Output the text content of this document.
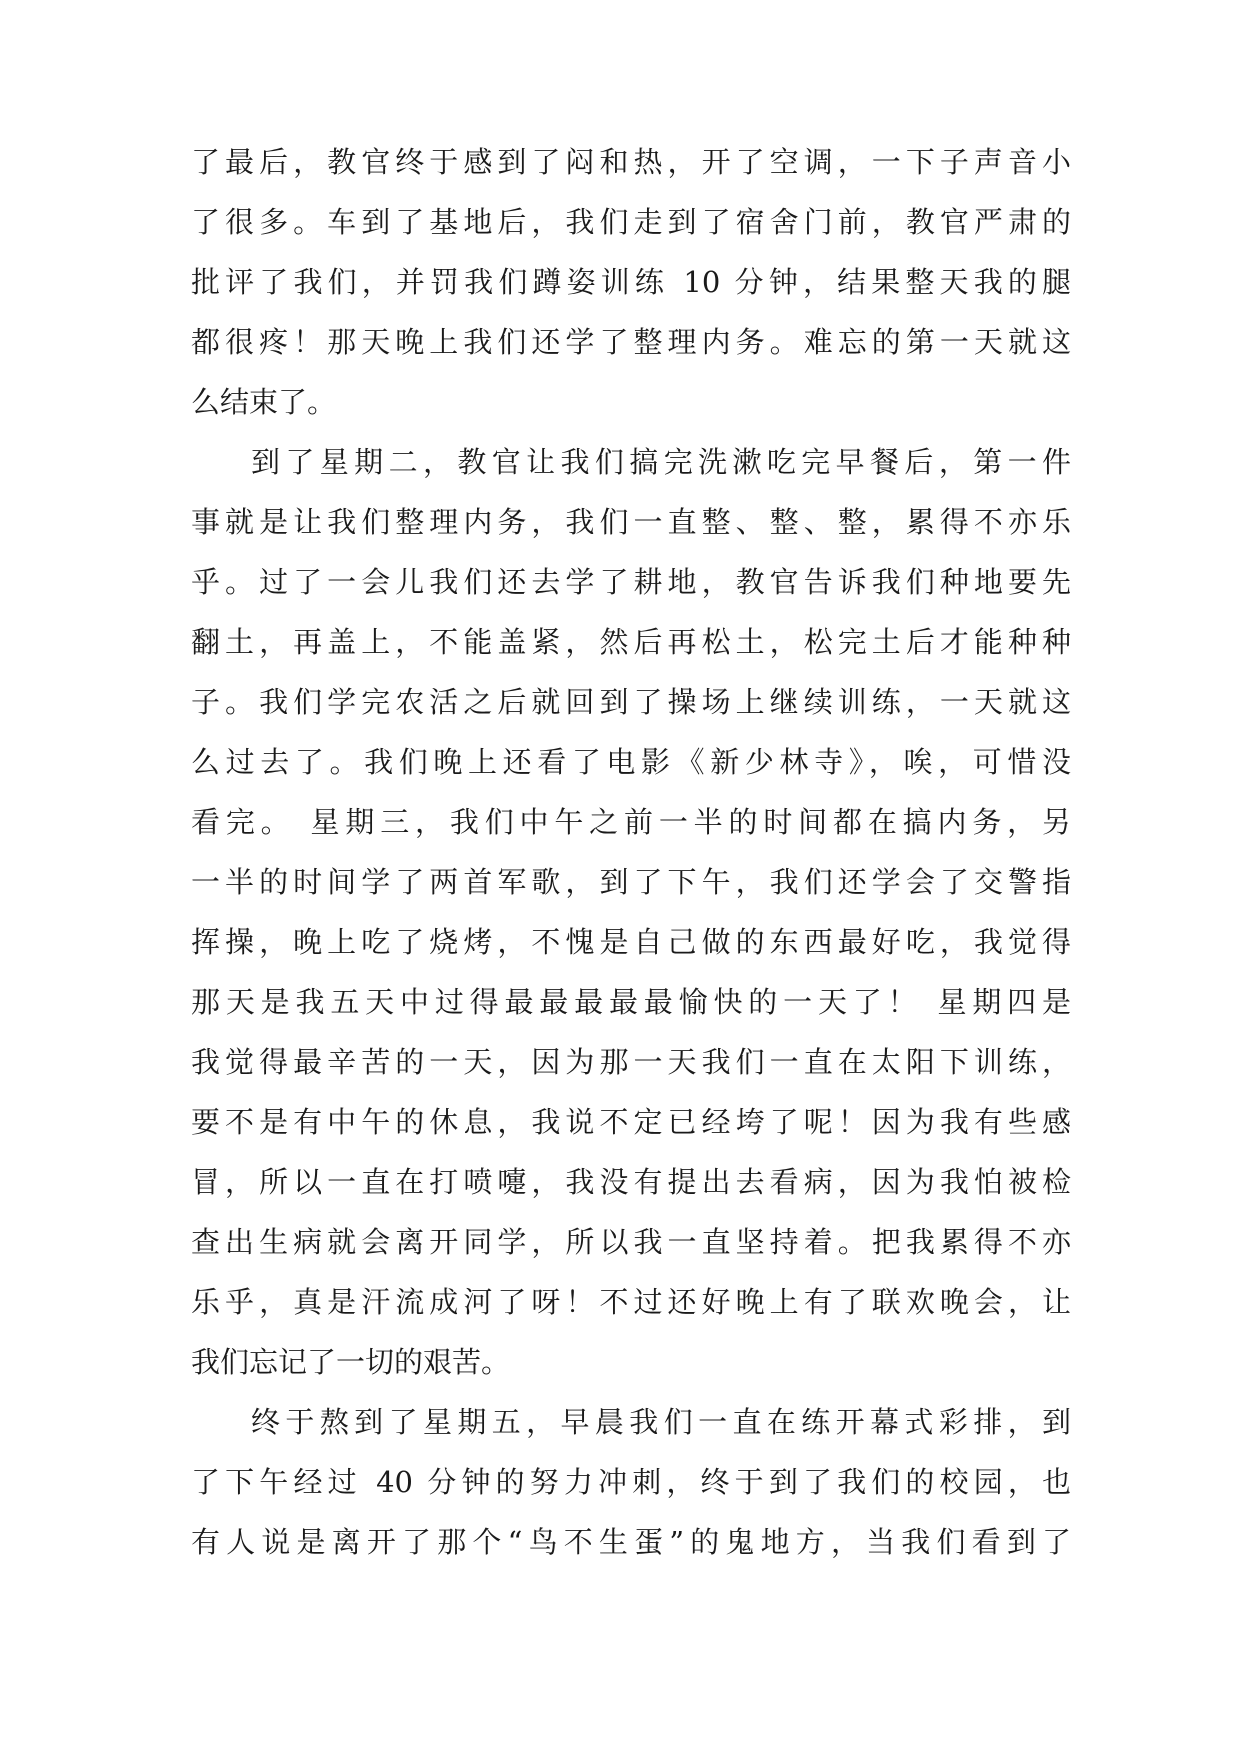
了最后，教官终于感到了闷和热，开了空调，一下子声音小
了很多。车到了基地后，我们走到了宿舍门前，教官严肃的
批评了我们，并罚我们蹲姿训练 10 分钟，结果整天我的腿
都很疼！那天晚上我们还学了整理内务。难忘的第一天就这
么结束了。
到了星期二，教官让我们搞完洗漱吃完早餐后，第一件
事就是让我们整理内务，我们一直整、整、整，累得不亦乐
乎。过了一会儿我们还去学了耕地，教官告诉我们种地要先
翻土，再盖上，不能盖紧，然后再松土，松完土后才能种种
子。我们学完农活之后就回到了操场上继续训练，一天就这
么过去了。我们晚上还看了电影《新少林寺》，唉，可惜没
看完。 星期三，我们中午之前一半的时间都在搞内务，另
一半的时间学了两首军歌，到了下午，我们还学会了交警指
挥操，晚上吃了烧烤，不愧是自己做的东西最好吃，我觉得
那天是我五天中过得最最最最最愉快的一天了！ 星期四是
我觉得最辛苦的一天，因为那一天我们一直在太阳下训练，
要不是有中午的休息，我说不定已经垮了呢！因为我有些感
冒，所以一直在打喷嚏，我没有提出去看病，因为我怕被检
查出生病就会离开同学，所以我一直坚持着。把我累得不亦
乐乎，真是汗流成河了呀！不过还好晚上有了联欢晚会，让
我们忘记了一切的艰苦。
终于熬到了星期五，早晨我们一直在练开幕式彩排，到
了下午经过 40 分钟的努力冲刺，终于到了我们的校园，也
有人说是离开了那个“鸟不生蛋”的鬼地方，当我们看到了
